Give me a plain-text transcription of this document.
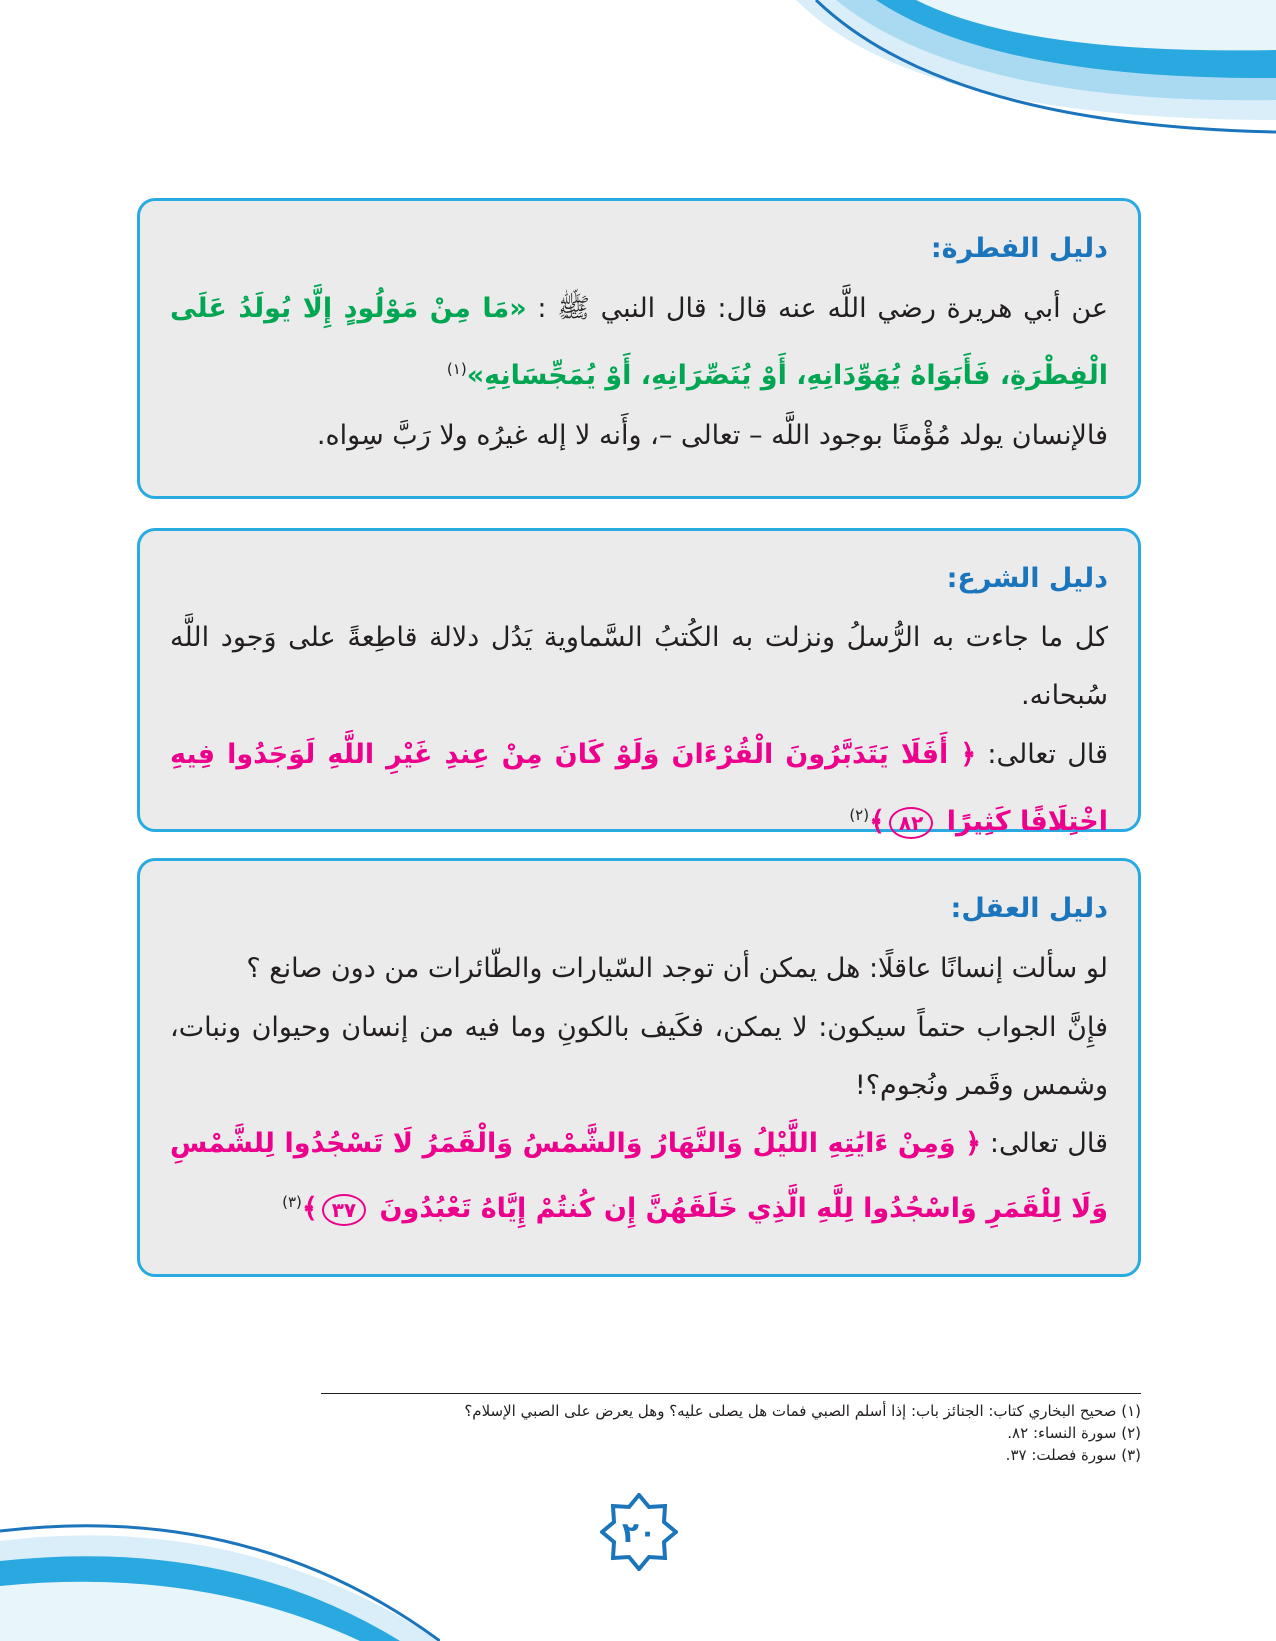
دليل الفطرة:

عن أبي هريرة رضي اللَّه عنه قال: قال النبي ﷺ : «مَا مِنْ مَوْلُودٍ إِلَّا يُولَدُ عَلَى الْفِطْرَةِ، فَأَبَوَاهُ يُهَوِّدَانِهِ، أَوْ يُنَصِّرَانِهِ، أَوْ يُمَجِّسَانِهِ»$^{(١)}$

فالإنسان يولد مُؤْمنًا بوجود اللَّه – تعالى –، وأَنه لا إله غيرُه ولا رَبَّ سِواه.

دليل الشرع:

كل ما جاءت به الرُّسلُ ونزلت به الكُتبُ السَّماوية يَدُل دلالة قاطِعةً على وَجود اللَّه سُبحانه.

قال تعالى: ﴿ أَفَلَا يَتَدَبَّرُونَ الْقُرْءَانَ وَلَوْ كَانَ مِنْ عِندِ غَيْرِ اللَّهِ لَوَجَدُوا فِيهِ اخْتِلَافًا كَثِيرًا ٨٢﴾$^{(٢)}$

دليل العقل:

لو سألت إنسانًا عاقلًا: هل يمكن أن توجد السّيارات والطّائرات من دون صانع ؟

فإِنَّ الجواب حتماً سيكون: لا يمكن، فكَيف بالكونِ وما فيه من إنسان وحيوان ونبات، وشمس وقَمر ونُجوم؟!

قال تعالى: ﴿ وَمِنْ ءَايَٰتِهِ اللَّيْلُ وَالنَّهَارُ وَالشَّمْسُ وَالْقَمَرُ لَا تَسْجُدُوا لِلشَّمْسِ وَلَا لِلْقَمَرِ وَاسْجُدُوا لِلَّهِ الَّذِي خَلَقَهُنَّ إِن كُنتُمْ إِيَّاهُ تَعْبُدُونَ ٣٧﴾$^{(٣)}$

(١) صحيح البخاري كتاب: الجنائز باب: إذا أسلم الصبي فمات هل يصلى عليه؟ وهل يعرض على الصبي الإسلام؟
(٢) سورة النساء: ٨٢.
(٣) سورة فصلت: ٣٧.
٢٠
